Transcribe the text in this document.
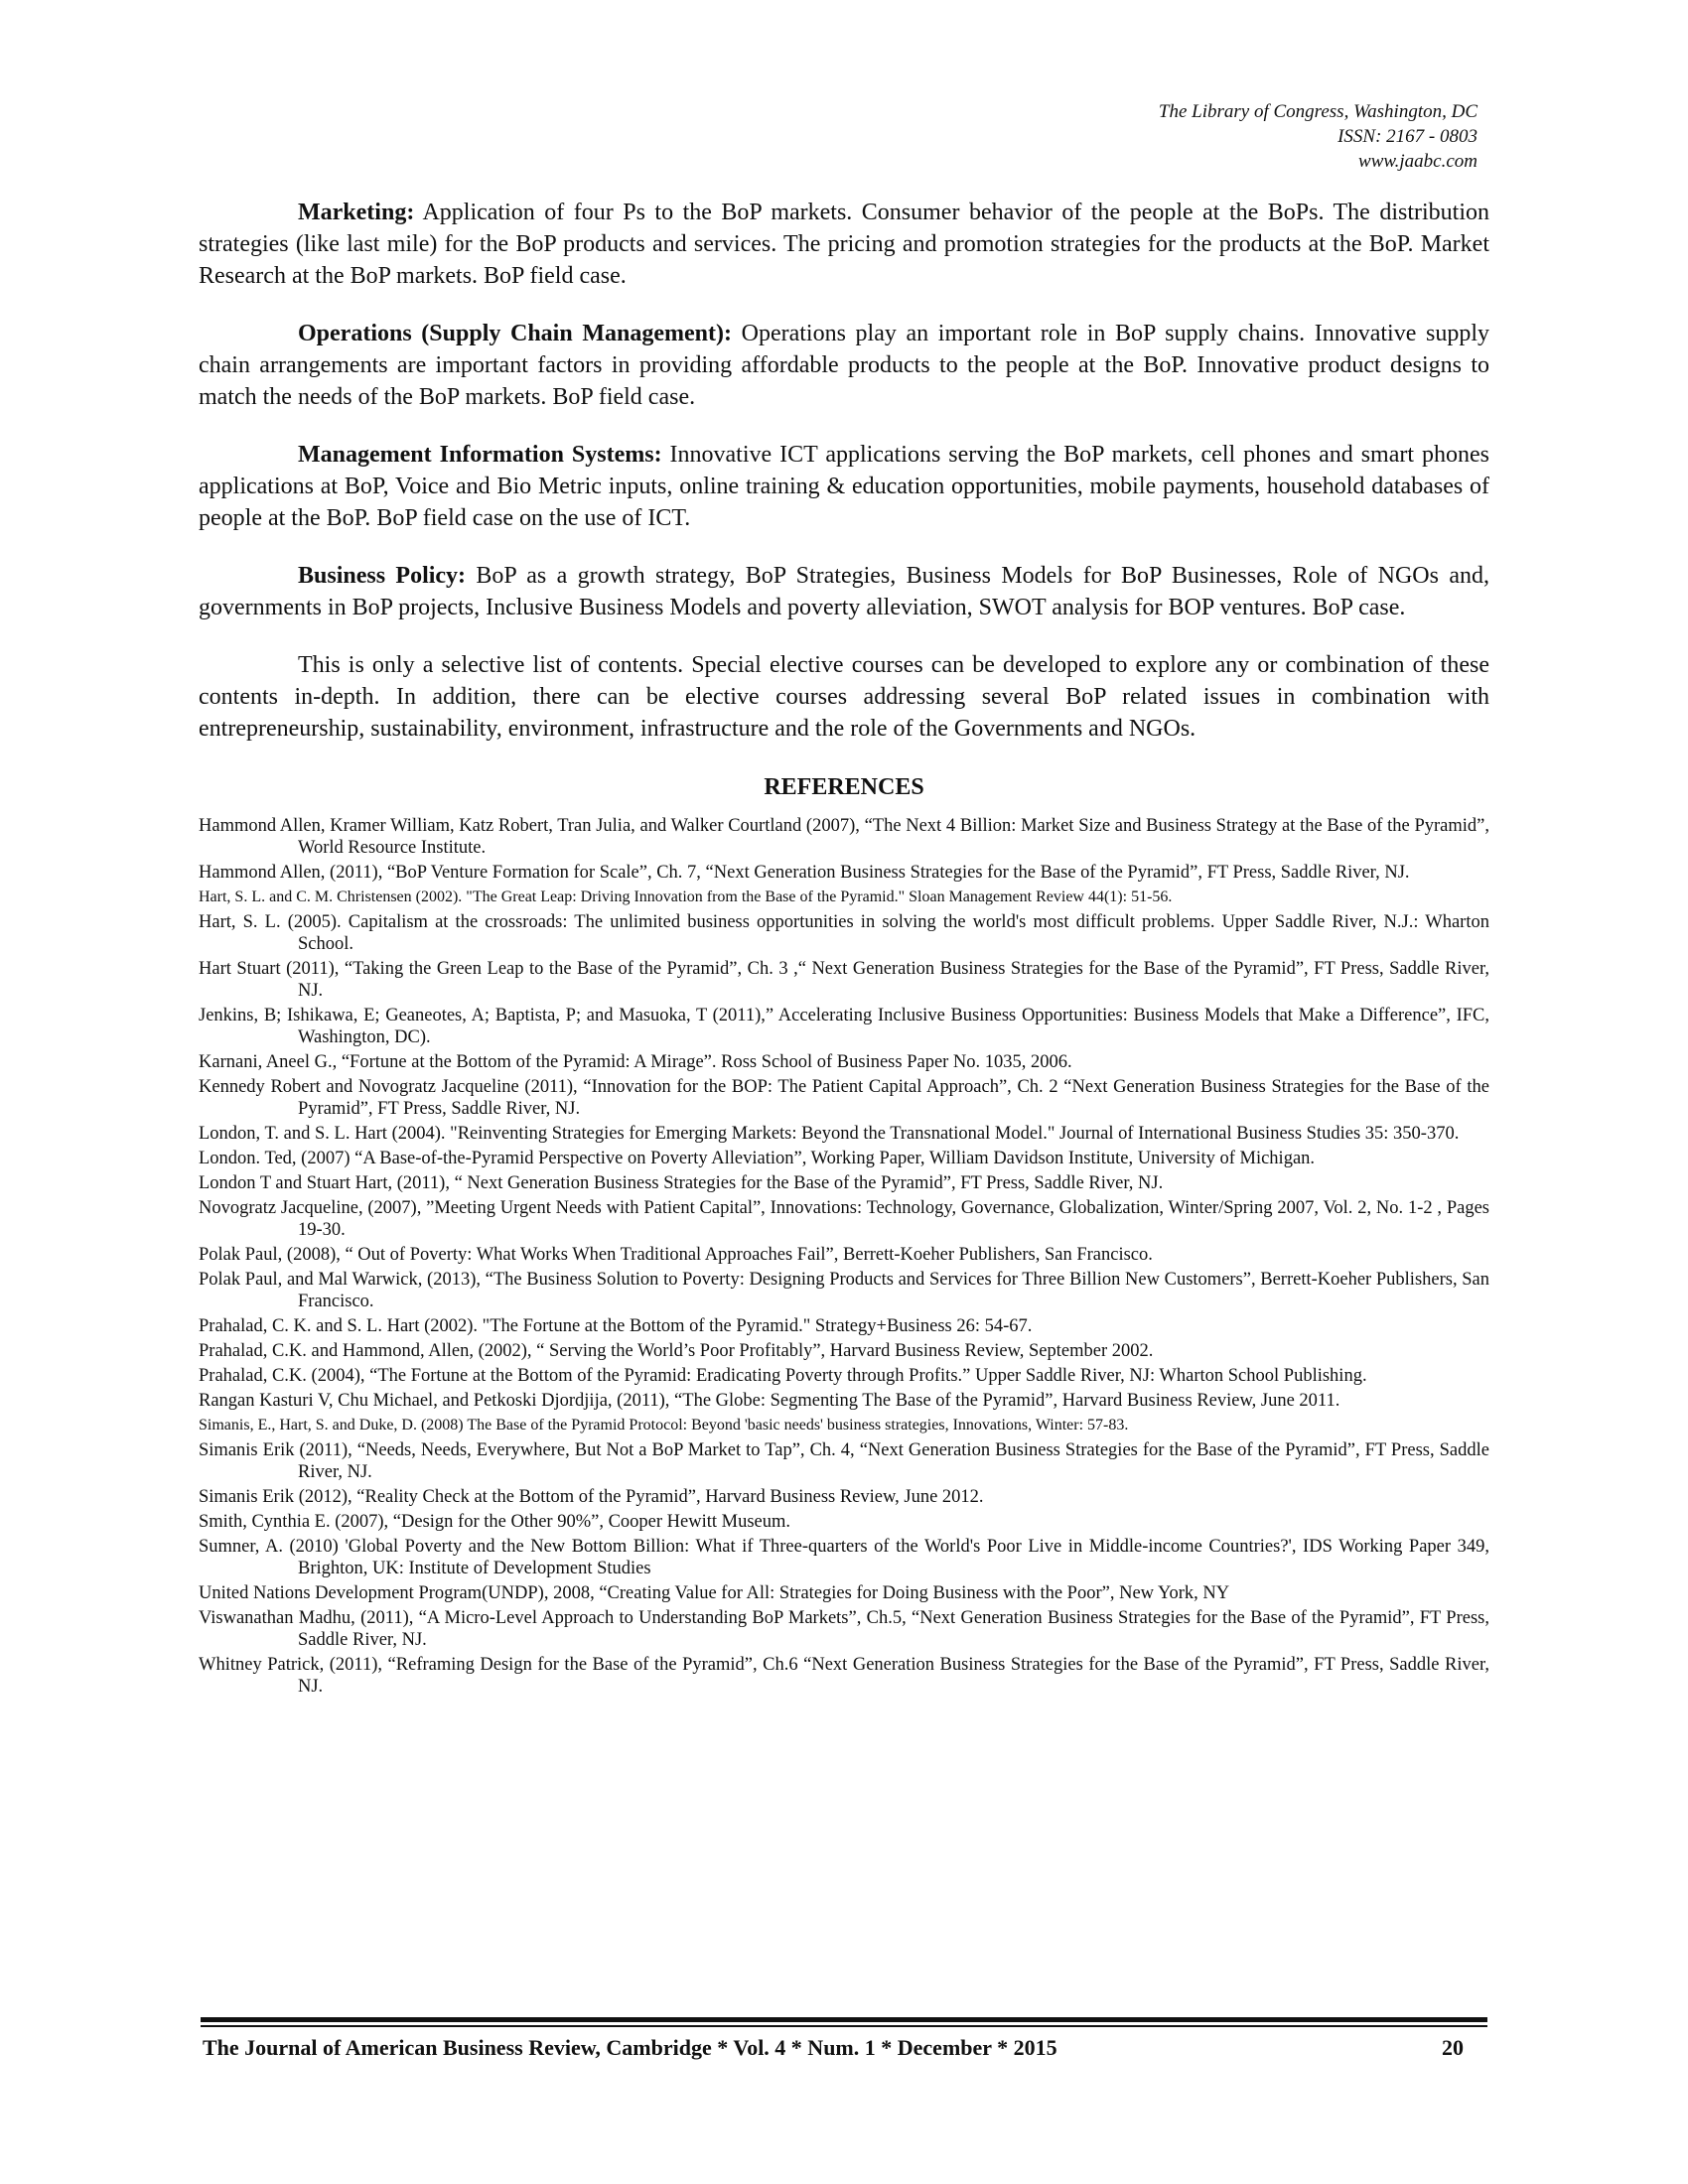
The Library of Congress, Washington, DC
ISSN: 2167 - 0803
www.jaabc.com

Marketing: Application of four Ps to the BoP markets. Consumer behavior of the people at the BoPs. The distribution strategies (like last mile) for the BoP products and services. The pricing and promotion strategies for the products at the BoP. Market Research at the BoP markets. BoP field case.

Operations (Supply Chain Management): Operations play an important role in BoP supply chains. Innovative supply chain arrangements are important factors in providing affordable products to the people at the BoP. Innovative product designs to match the needs of the BoP markets. BoP field case.

Management Information Systems: Innovative ICT applications serving the BoP markets, cell phones and smart phones applications at BoP, Voice and Bio Metric inputs, online training & education opportunities, mobile payments, household databases of people at the BoP. BoP field case on the use of ICT.

Business Policy: BoP as a growth strategy, BoP Strategies, Business Models for BoP Businesses, Role of NGOs and, governments in BoP projects, Inclusive Business Models and poverty alleviation, SWOT analysis for BOP ventures. BoP case.

This is only a selective list of contents. Special elective courses can be developed to explore any or combination of these contents in-depth. In addition, there can be elective courses addressing several BoP related issues in combination with entrepreneurship, sustainability, environment, infrastructure and the role of the Governments and NGOs.

REFERENCES

Hammond Allen, Kramer William, Katz Robert, Tran Julia, and Walker Courtland (2007), “The Next 4 Billion: Market Size and Business Strategy at the Base of the Pyramid”, World Resource Institute.

Hammond Allen, (2011), “BoP Venture Formation for Scale”, Ch. 7, “Next Generation Business Strategies for the Base of the Pyramid”, FT Press, Saddle River, NJ.

Hart, S. L. and C. M. Christensen (2002). "The Great Leap: Driving Innovation from the Base of the Pyramid." Sloan Management Review 44(1): 51-56.

Hart, S. L. (2005). Capitalism at the crossroads: The unlimited business opportunities in solving the world's most difficult problems. Upper Saddle River, N.J.: Wharton School.

Hart Stuart (2011), “Taking the Green Leap to the Base of the Pyramid”, Ch. 3 ,“ Next Generation Business Strategies for the Base of the Pyramid”, FT Press, Saddle River, NJ.

Jenkins, B; Ishikawa, E; Geaneotes, A; Baptista, P; and Masuoka, T (2011),” Accelerating Inclusive Business Opportunities: Business Models that Make a Difference”, IFC, Washington, DC).

Karnani, Aneel G., “Fortune at the Bottom of the Pyramid: A Mirage”. Ross School of Business Paper No. 1035, 2006.

Kennedy Robert and Novogratz Jacqueline (2011), “Innovation for the BOP: The Patient Capital Approach”, Ch. 2 “Next Generation Business Strategies for the Base of the Pyramid”, FT Press, Saddle River, NJ.

London, T. and S. L. Hart (2004). "Reinventing Strategies for Emerging Markets: Beyond the Transnational Model." Journal of International Business Studies 35: 350-370.

London. Ted, (2007) “A Base-of-the-Pyramid Perspective on Poverty Alleviation”, Working Paper, William Davidson Institute, University of Michigan.

London T and Stuart Hart, (2011), “ Next Generation Business Strategies for the Base of the Pyramid”, FT Press, Saddle River, NJ.

Novogratz Jacqueline, (2007), ”Meeting Urgent Needs with Patient Capital”, Innovations: Technology, Governance, Globalization, Winter/Spring 2007, Vol. 2, No. 1-2 , Pages 19-30.

Polak Paul, (2008), “ Out of Poverty: What Works When Traditional Approaches Fail”, Berrett-Koeher Publishers, San Francisco.

Polak Paul, and Mal Warwick, (2013), “The Business Solution to Poverty: Designing Products and Services for Three Billion New Customers”, Berrett-Koeher Publishers, San Francisco.

Prahalad, C. K. and S. L. Hart (2002). "The Fortune at the Bottom of the Pyramid." Strategy+Business 26: 54-67.

Prahalad, C.K. and Hammond, Allen, (2002), “ Serving the World’s Poor Profitably”, Harvard Business Review, September 2002.

Prahalad, C.K. (2004), “The Fortune at the Bottom of the Pyramid: Eradicating Poverty through Profits.” Upper Saddle River, NJ: Wharton School Publishing.

Rangan Kasturi V, Chu Michael, and Petkoski Djordjija, (2011), “The Globe: Segmenting The Base of the Pyramid”, Harvard Business Review, June 2011.

Simanis, E., Hart, S. and Duke, D. (2008) The Base of the Pyramid Protocol: Beyond 'basic needs' business strategies, Innovations, Winter: 57-83.

Simanis Erik (2011), “Needs, Needs, Everywhere, But Not a BoP Market to Tap”, Ch. 4, “Next Generation Business Strategies for the Base of the Pyramid”, FT Press, Saddle River, NJ.

Simanis Erik (2012), “Reality Check at the Bottom of the Pyramid”, Harvard Business Review, June 2012.

Smith, Cynthia E. (2007), “Design for the Other 90%”, Cooper Hewitt Museum.

Sumner, A. (2010) 'Global Poverty and the New Bottom Billion: What if Three-quarters of the World's Poor Live in Middle-income Countries?', IDS Working Paper 349, Brighton, UK: Institute of Development Studies

United Nations Development Program(UNDP), 2008, “Creating Value for All: Strategies for Doing Business with the Poor”, New York, NY

Viswanathan Madhu, (2011), “A Micro-Level Approach to Understanding BoP Markets”, Ch.5, “Next Generation Business Strategies for the Base of the Pyramid”, FT Press, Saddle River, NJ.

Whitney Patrick, (2011), “Reframing Design for the Base of the Pyramid”, Ch.6 “Next Generation Business Strategies for the Base of the Pyramid”, FT Press, Saddle River, NJ.

The Journal of American Business Review, Cambridge * Vol. 4 * Num. 1 * December * 2015	20
